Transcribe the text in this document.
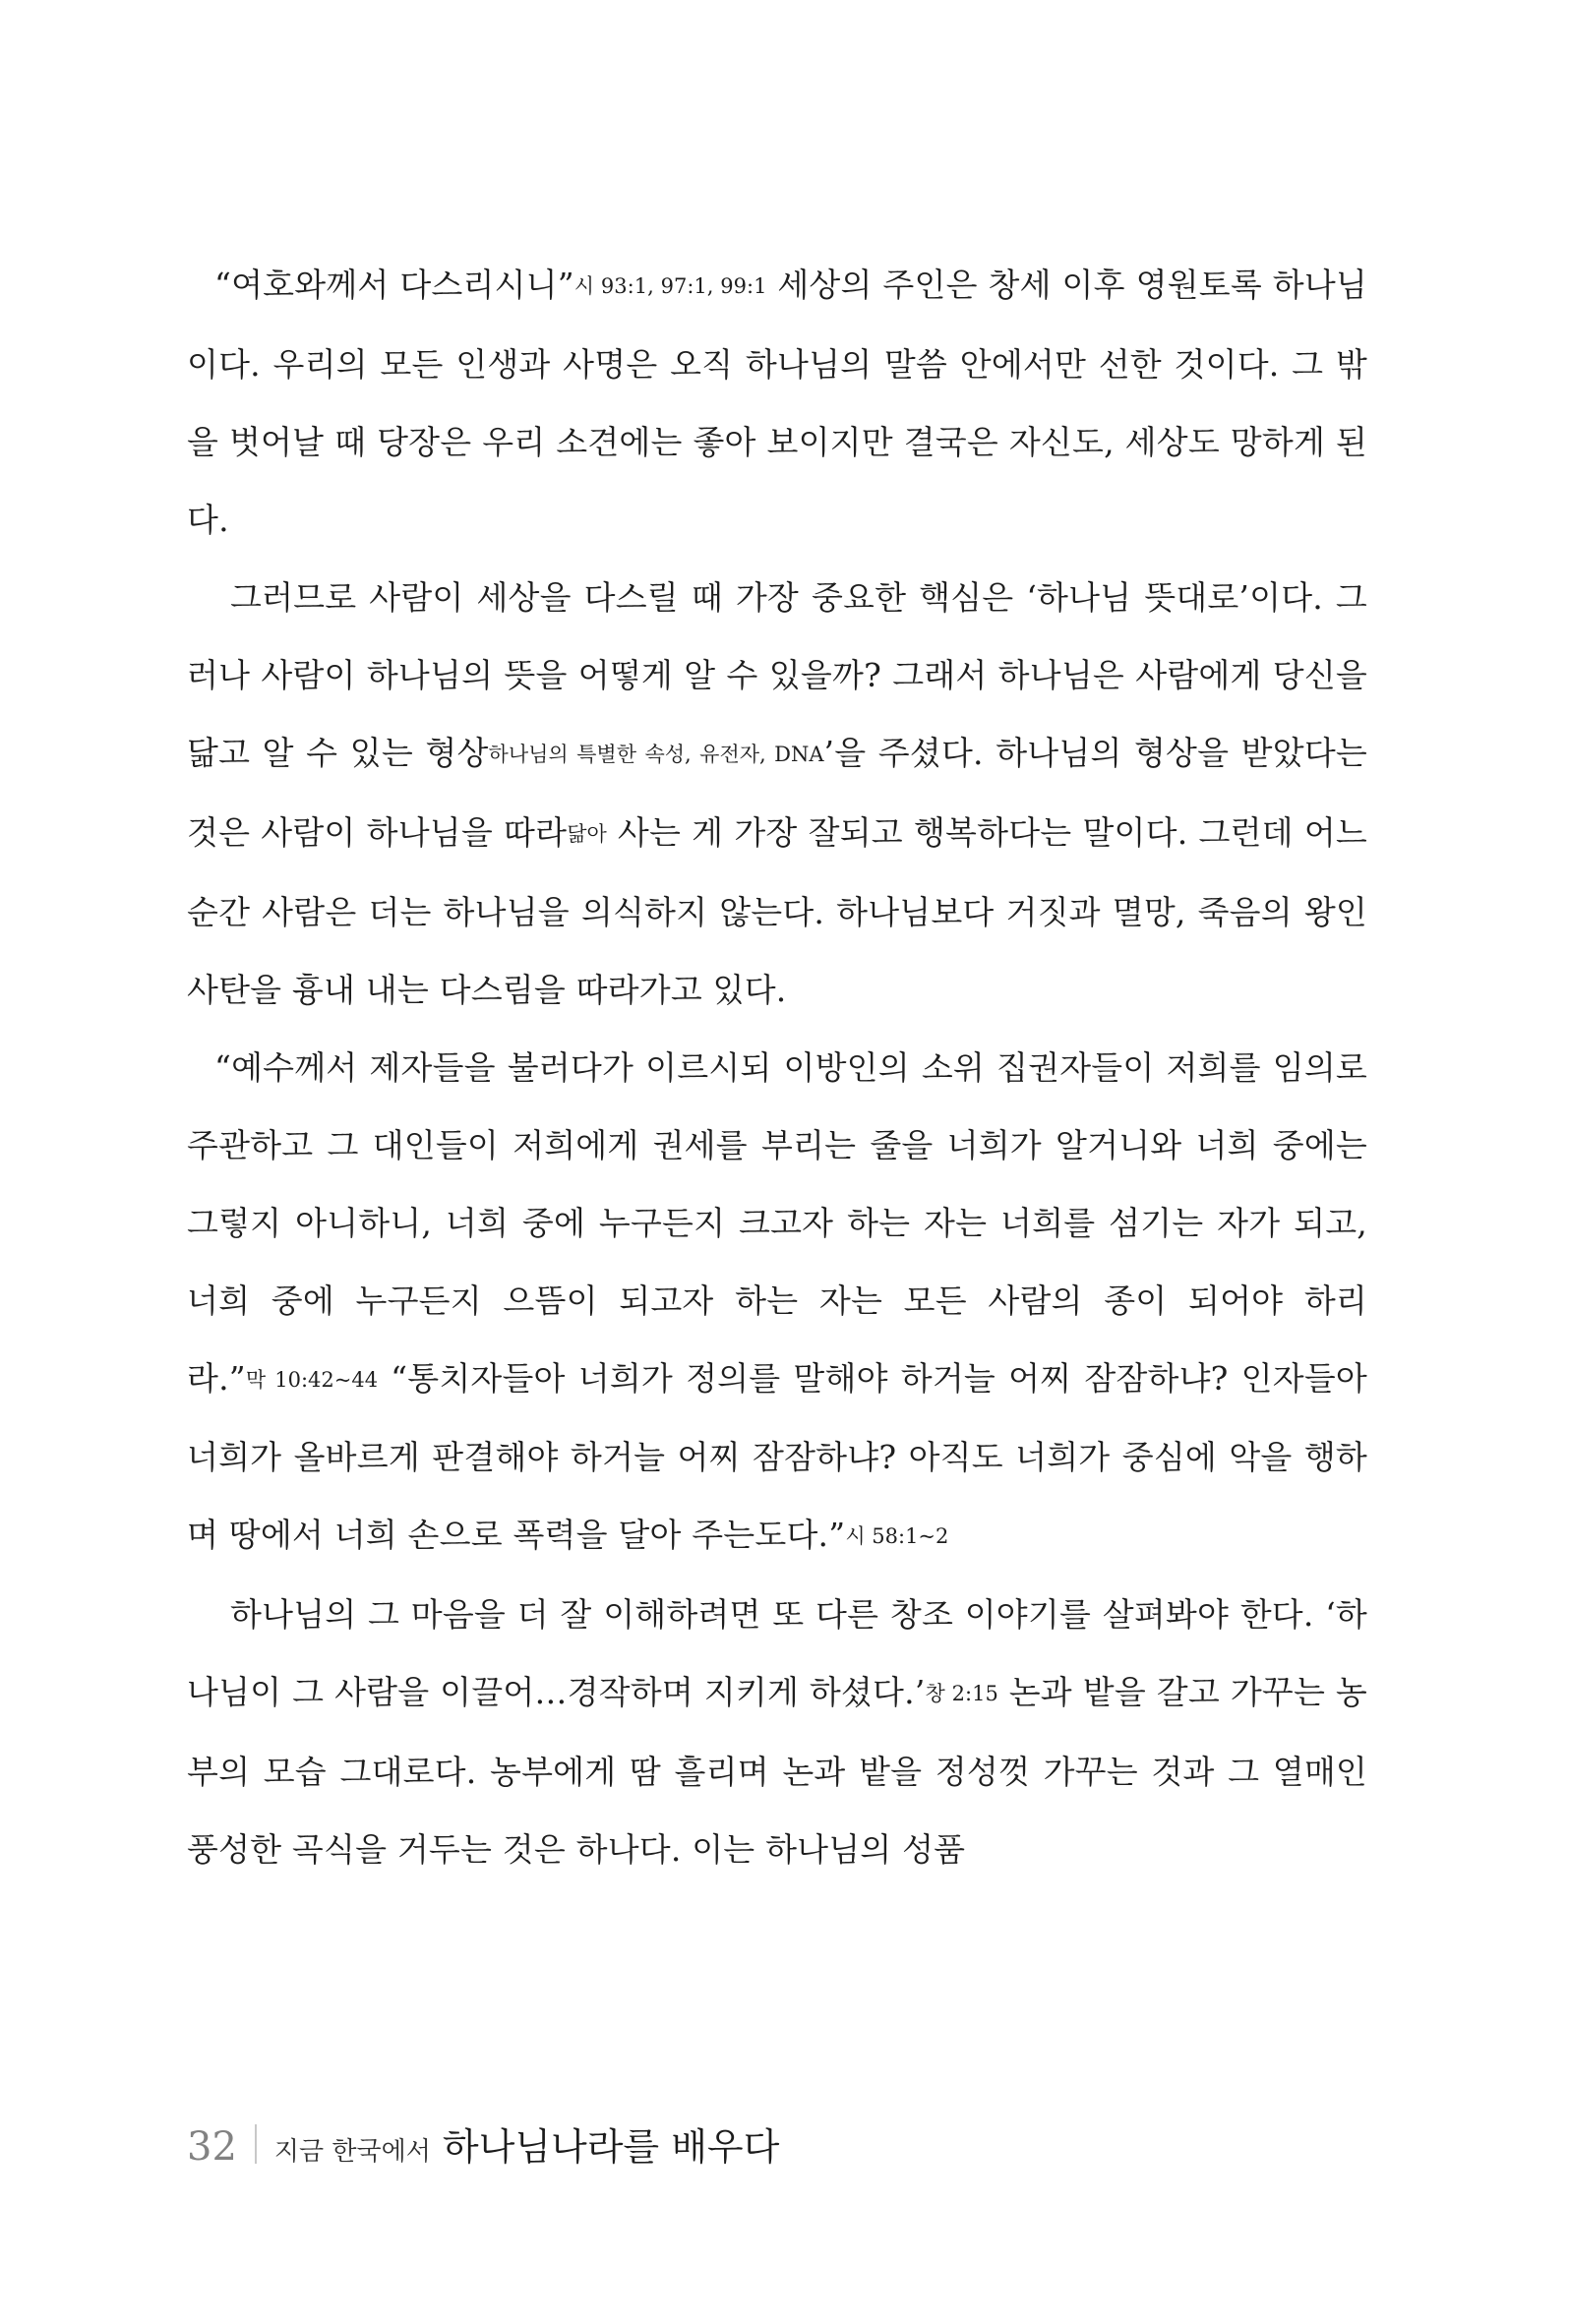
“여호와께서 다스리시니”시 93:1, 97:1, 99:1 세상의 주인은 창세 이후 영원토록 하나님이다. 우리의 모든 인생과 사명은 오직 하나님의 말씀 안에서만 선한 것이다. 그 밖을 벗어날 때 당장은 우리 소견에는 좋아 보이지만 결국은 자신도, 세상도 망하게 된다.

그러므로 사람이 세상을 다스릴 때 가장 중요한 핵심은 ‘하나님 뜻대로’이다. 그러나 사람이 하나님의 뜻을 어떻게 알 수 있을까? 그래서 하나님은 사람에게 당신을 닮고 알 수 있는 형상하나님의 특별한 속성, 유전자, DNA’을 주셨다. 하나님의 형상을 받았다는 것은 사람이 하나님을 따라닮아 사는 게 가장 잘되고 행복하다는 말이다. 그런데 어느 순간 사람은 더는 하나님을 의식하지 않는다. 하나님보다 거짓과 멸망, 죽음의 왕인 사탄을 흉내 내는 다스림을 따라가고 있다.

“예수께서 제자들을 불러다가 이르시되 이방인의 소위 집권자들이 저희를 임의로 주관하고 그 대인들이 저희에게 권세를 부리는 줄을 너희가 알거니와 너희 중에는 그렇지 아니하니, 너희 중에 누구든지 크고자 하는 자는 너희를 섬기는 자가 되고, 너희 중에 누구든지 으뜸이 되고자 하는 자는 모든 사람의 종이 되어야 하리라.”막 10:42~44 “통치자들아 너희가 정의를 말해야 하거늘 어찌 잠잠하냐? 인자들아 너희가 올바르게 판결해야 하거늘 어찌 잠잠하냐? 아직도 너희가 중심에 악을 행하며 땅에서 너희 손으로 폭력을 달아 주는도다.”시 58:1~2

하나님의 그 마음을 더 잘 이해하려면 또 다른 창조 이야기를 살펴봐야 한다. ‘하나님이 그 사람을 이끌어…경작하며 지키게 하셨다.’창 2:15 논과 밭을 갈고 가꾸는 농부의 모습 그대로다. 농부에게 땀 흘리며 논과 밭을 정성껏 가꾸는 것과 그 열매인 풍성한 곡식을 거두는 것은 하나다. 이는 하나님의 성품

32 지금 한국에서 하나님나라를 배우다
